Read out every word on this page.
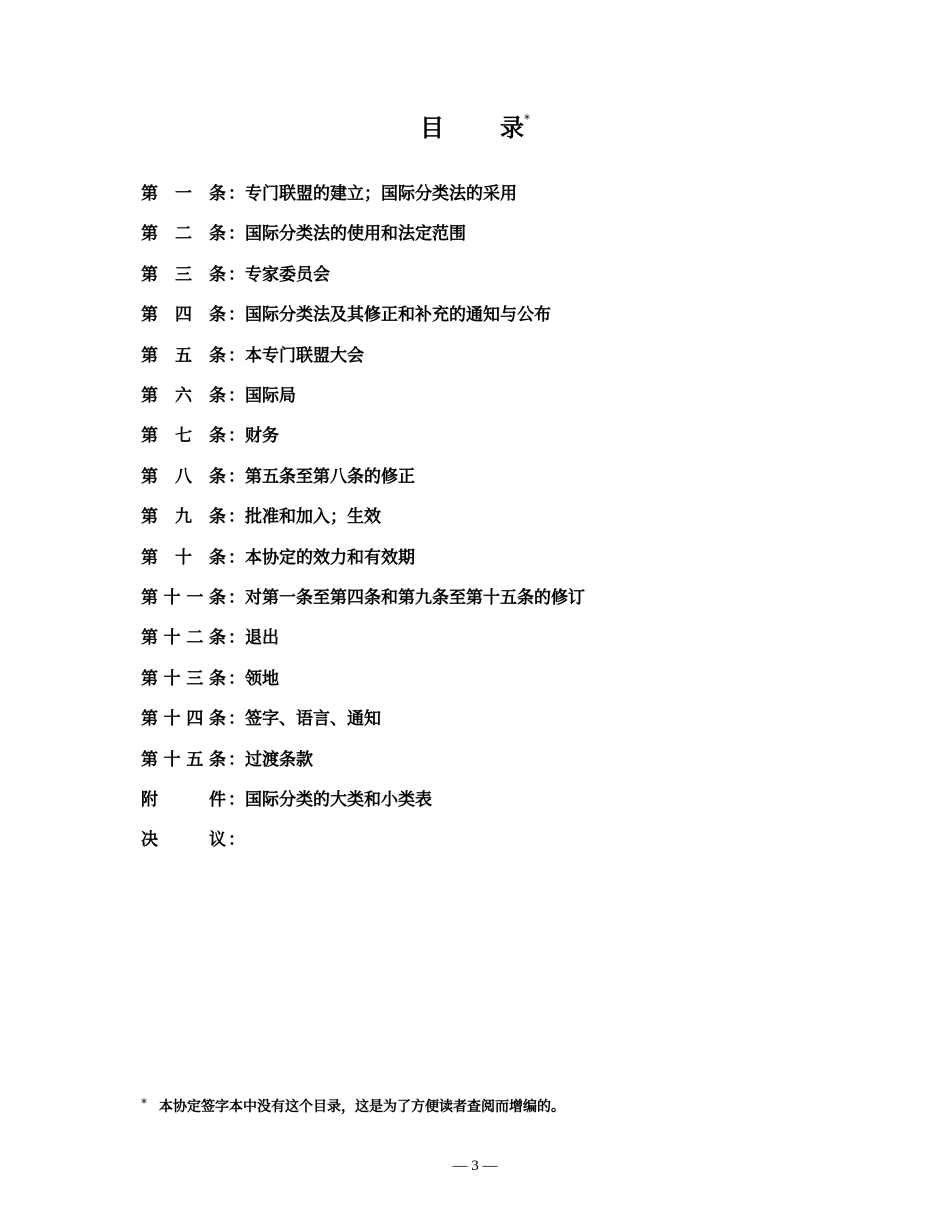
目 录*
第 一 条 ：专门联盟的建立；国际分类法的采用
第 二 条 ：国际分类法的使用和法定范围
第 三 条 ：专家委员会
第 四 条 ：国际分类法及其修正和补充的通知与公布
第 五 条 ：本专门联盟大会
第 六 条 ：国际局
第 七 条 ：财务
第 八 条 ：第五条至第八条的修正
第 九 条 ：批准和加入；生效
第 十 条 ：本协定的效力和有效期
第 十 一 条 ：对第一条至第四条和第九条至第十五条的修订
第 十 二 条 ：退出
第 十 三 条 ：领地
第 十 四 条 ：签字、语言、通知
第 十 五 条 ：过渡条款
附	件 ：国际分类的大类和小类表
决	议 ：
* 本协定签字本中没有这个目录，这是为了方便读者查阅而增编的。
— 3 —
